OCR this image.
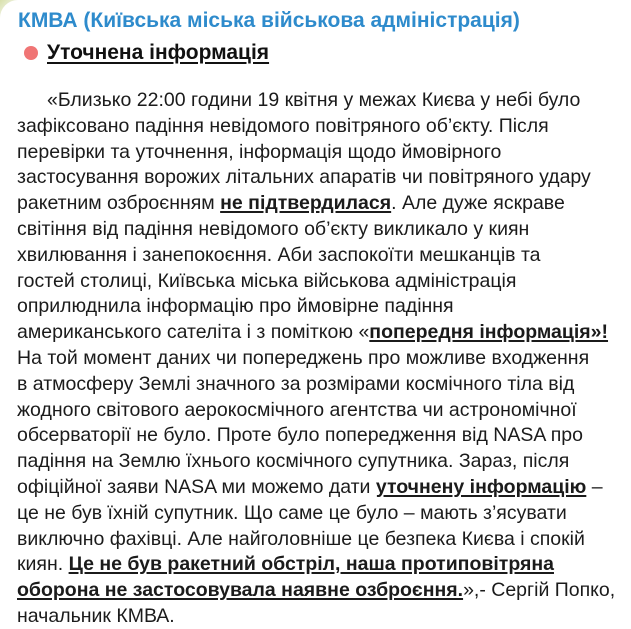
КМВА (Київська міська військова адміністрація)
Уточнена інформація
«Близько 22:00 години 19 квітня у межах Києва у небі було
зафіксовано падіння невідомого повітряного об’єкту. Після
перевірки та уточнення, інформація щодо ймовірного
застосування ворожих літальних апаратів чи повітряного удару
ракетним озброєнням не підтвердилася. Але дуже яскраве
світіння від падіння невідомого об’єкту викликало у киян
хвилювання і занепокоєння. Аби заспокоїти мешканців та
гостей столиці, Київська міська військова адміністрація
оприлюднила інформацію про ймовірне падіння
американського сателіта і з поміткою «попередня інформація»!
На той момент даних чи попереджень про можливе входження
в атмосферу Землі значного за розмірами космічного тіла від
жодного світового аерокосмічного агентства чи астрономічної
обсерваторії не було. Проте було попередження від NASA про
падіння на Землю їхнього космічного супутника. Зараз, після
офіційної заяви NASA ми можемо дати уточнену інформацію –
це не був їхній супутник. Що саме це було – мають з’ясувати
виключно фахівці. Але найголовніше це безпека Києва і спокій
киян. Це не був ракетний обстріл, наша протиповітряна
оборона не застосовувала наявне озброєння.»,- Сергій Попко,
начальник КМВА.
